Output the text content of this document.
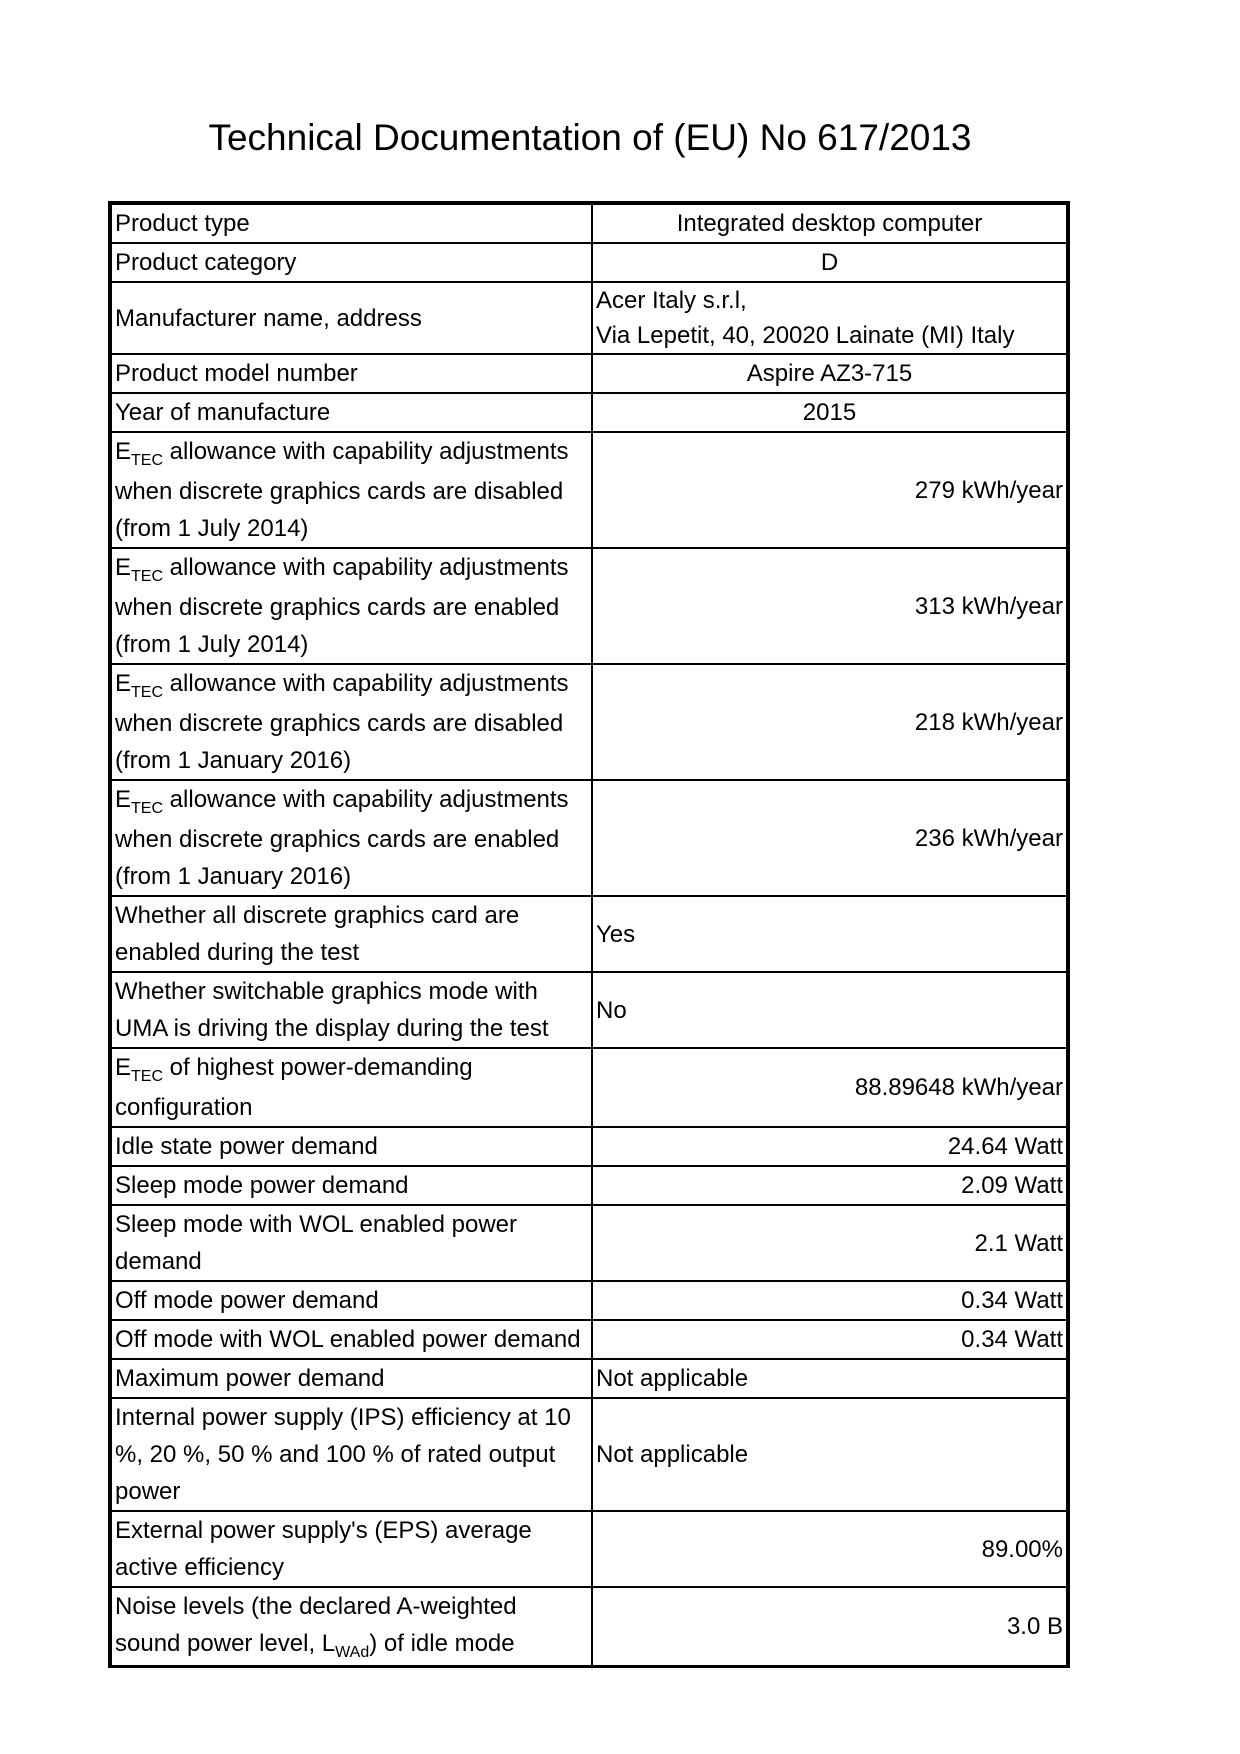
Technical Documentation of (EU) No 617/2013
Product type	Integrated desktop computer
Product category	D
Manufacturer name, address	Acer Italy s.r.l,
Via Lepetit, 40, 20020 Lainate (MI) Italy

Product model number	Aspire AZ3-715
Year of manufacture	2015
$E_{TEC}$ allowance with capability adjustments when discrete graphics cards are disabled (from 1 July 2014)	279 kWh/year
$E_{TEC}$ allowance with capability adjustments when discrete graphics cards are enabled (from 1 July 2014)	313 kWh/year
$E_{TEC}$ allowance with capability adjustments when discrete graphics cards are disabled (from 1 January 2016)	218 kWh/year
$E_{TEC}$ allowance with capability adjustments when discrete graphics cards are enabled (from 1 January 2016)	236 kWh/year
Whether all discrete graphics card are enabled during the test	Yes
Whether switchable graphics mode with UMA is driving the display during the test	No
$E_{TEC}$ of highest power-demanding configuration	88.89648 kWh/year
Idle state power demand	24.64 Watt
Sleep mode power demand	2.09 Watt
Sleep mode with WOL enabled power demand	2.1 Watt
Off mode power demand	0.34 Watt
Off mode with WOL enabled power demand	0.34 Watt
Maximum power demand	Not applicable
Internal power supply (IPS) efficiency at 10 %, 20 %, 50 % and 100 % of rated output power	Not applicable
External power supply's (EPS) average active efficiency	89.00%
Noise levels (the declared A-weighted sound power level, $L_{WAd}$) of idle mode	3.0 B
